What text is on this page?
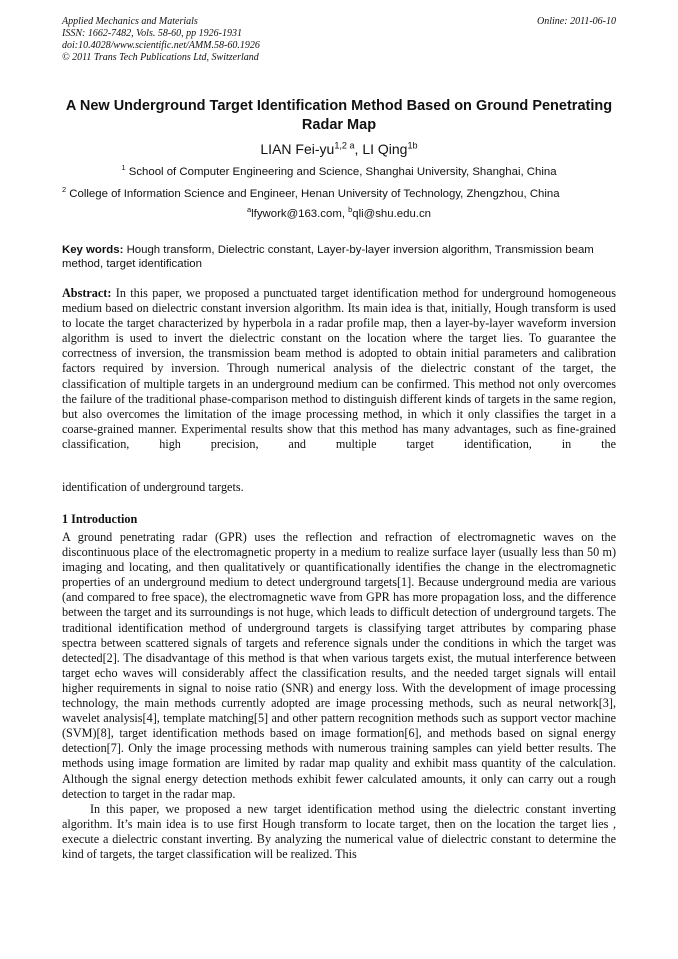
Applied Mechanics and Materials
ISSN: 1662-7482, Vols. 58-60, pp 1926-1931
doi:10.4028/www.scientific.net/AMM.58-60.1926
© 2011 Trans Tech Publications Ltd, Switzerland
Online: 2011-06-10
A New Underground Target Identification Method Based on Ground Penetrating Radar Map
LIAN Fei-$yu^{1,2 a}$, LI Qing$^{1b}$
$^1$ School of Computer Engineering and Science, Shanghai University, Shanghai, China
$^2$ College of Information Science and Engineer, Henan University of Technology, Zhengzhou, China
$^a$lfywork@163.com, $^b$qli@shu.edu.cn
Key words: Hough transform, Dielectric constant, Layer-by-layer inversion algorithm, Transmission beam method, target identification
Abstract: In this paper, we proposed a punctuated target identification method for underground homogeneous medium based on dielectric constant inversion algorithm. Its main idea is that, initially, Hough transform is used to locate the target characterized by hyperbola in a radar profile map, then a layer-by-layer waveform inversion algorithm is used to invert the dielectric constant on the location where the target lies. To guarantee the correctness of inversion, the transmission beam method is adopted to obtain initial parameters and calibration factors required by inversion. Through numerical analysis of the dielectric constant of the target, the classification of multiple targets in an underground medium can be confirmed. This method not only overcomes the failure of the traditional phase-comparison method to distinguish different kinds of targets in the same region, but also overcomes the limitation of the image processing method, in which it only classifies the target in a coarse-grained manner. Experimental results show that this method has many advantages, such as fine-grained classification, high precision, and multiple target identification, in the
identification of underground targets.
1 Introduction
A ground penetrating radar (GPR) uses the reflection and refraction of electromagnetic waves on the discontinuous place of the electromagnetic property in a medium to realize surface layer (usually less than 50 m) imaging and locating, and then qualitatively or quantificationally identifies the change in the electromagnetic properties of an underground medium to detect underground targets[1]. Because underground media are various (and compared to free space), the electromagnetic wave from GPR has more propagation loss, and the difference between the target and its surroundings is not huge, which leads to difficult detection of underground targets. The traditional identification method of underground targets is classifying target attributes by comparing phase spectra between scattered signals of targets and reference signals under the conditions in which the target was detected[2]. The disadvantage of this method is that when various targets exist, the mutual interference between target echo waves will considerably affect the classification results, and the needed target signals will entail higher requirements in signal to noise ratio (SNR) and energy loss. With the development of image processing technology, the main methods currently adopted are image processing methods, such as neural network[3], wavelet analysis[4], template matching[5] and other pattern recognition methods such as support vector machine (SVM)[8], target identification methods based on image formation[6], and methods based on signal energy detection[7]. Only the image processing methods with numerous training samples can yield better results. The methods using image formation are limited by radar map quality and exhibit mass quantity of the calculation. Although the signal energy detection methods exhibit fewer calculated amounts, it only can carry out a rough detection to target in the radar map.
In this paper, we proposed a new target identification method using the dielectric constant inverting algorithm. It’s main idea is to use first Hough transform to locate target, then on the location the target lies , execute a dielectric constant inverting. By analyzing the numerical value of dielectric constant to determine the kind of targets, the target classification will be realized. This
